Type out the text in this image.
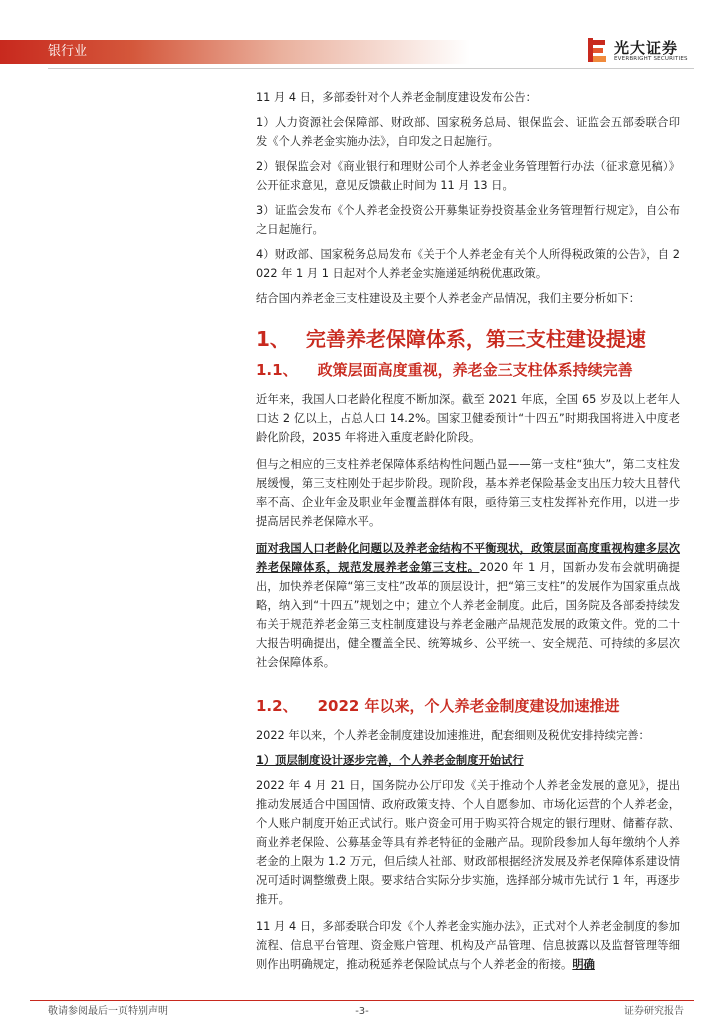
银行业	光大证券
EVERBRIGHT SECURITIES

11 月 4 日，多部委针对个人养老金制度建设发布公告：

1）人力资源社会保障部、财政部、国家税务总局、银保监会、证监会五部委联合印发《个人养老金实施办法》，自印发之日起施行。

2）银保监会对《商业银行和理财公司个人养老金业务管理暂行办法（征求意见稿）》公开征求意见，意见反馈截止时间为 11 月 13 日。

3）证监会发布《个人养老金投资公开募集证券投资基金业务管理暂行规定》，自公布之日起施行。

4）财政部、国家税务总局发布《关于个人养老金有关个人所得税政策的公告》，自 2022 年 1 月 1 日起对个人养老金实施递延纳税优惠政策。

结合国内养老金三支柱建设及主要个人养老金产品情况，我们主要分析如下：

1、 完善养老保障体系，第三支柱建设提速
1.1、 政策层面高度重视，养老金三支柱体系持续完善

近年来，我国人口老龄化程度不断加深。截至 2021 年底，全国 65 岁及以上老年人口达 2 亿以上，占总人口 14.2%。国家卫健委预计“十四五”时期我国将进入中度老龄化阶段，2035 年将进入重度老龄化阶段。

但与之相应的三支柱养老保障体系结构性问题凸显——第一支柱“独大”，第二支柱发展缓慢，第三支柱刚处于起步阶段。现阶段，基本养老保险基金支出压力较大且替代率不高、企业年金及职业年金覆盖群体有限，亟待第三支柱发挥补充作用，以进一步提高居民养老保障水平。

面对我国人口老龄化问题以及养老金结构不平衡现状，政策层面高度重视构建多层次养老保障体系，规范发展养老金第三支柱。2020 年 1 月，国新办发布会就明确提出，加快养老保障“第三支柱”改革的顶层设计，把“第三支柱”的发展作为国家重点战略，纳入到“十四五”规划之中；建立个人养老金制度。此后，国务院及各部委持续发布关于规范养老金第三支柱制度建设与养老金融产品规范发展的政策文件。党的二十大报告明确提出，健全覆盖全民、统筹城乡、公平统一、安全规范、可持续的多层次社会保障体系。

1.2、 2022 年以来，个人养老金制度建设加速推进

2022 年以来，个人养老金制度建设加速推进，配套细则及税优安排持续完善：

1）顶层制度设计逐步完善，个人养老金制度开始试行

2022 年 4 月 21 日，国务院办公厅印发《关于推动个人养老金发展的意见》，提出推动发展适合中国国情、政府政策支持、个人自愿参加、市场化运营的个人养老金，个人账户制度开始正式试行。账户资金可用于购买符合规定的银行理财、储蓄存款、商业养老保险、公募基金等具有养老特征的金融产品。现阶段参加人每年缴纳个人养老金的上限为 1.2 万元，但后续人社部、财政部根据经济发展及养老保障体系建设情况可适时调整缴费上限。要求结合实际分步实施，选择部分城市先试行 1 年，再逐步推开。

11 月 4 日，多部委联合印发《个人养老金实施办法》，正式对个人养老金制度的参加流程、信息平台管理、资金账户管理、机构及产品管理、信息披露以及监督管理等细则作出明确规定，推动税延养老保险试点与个人养老金的衔接。明确

敬请参阅最后一页特别声明	-3-	证券研究报告
